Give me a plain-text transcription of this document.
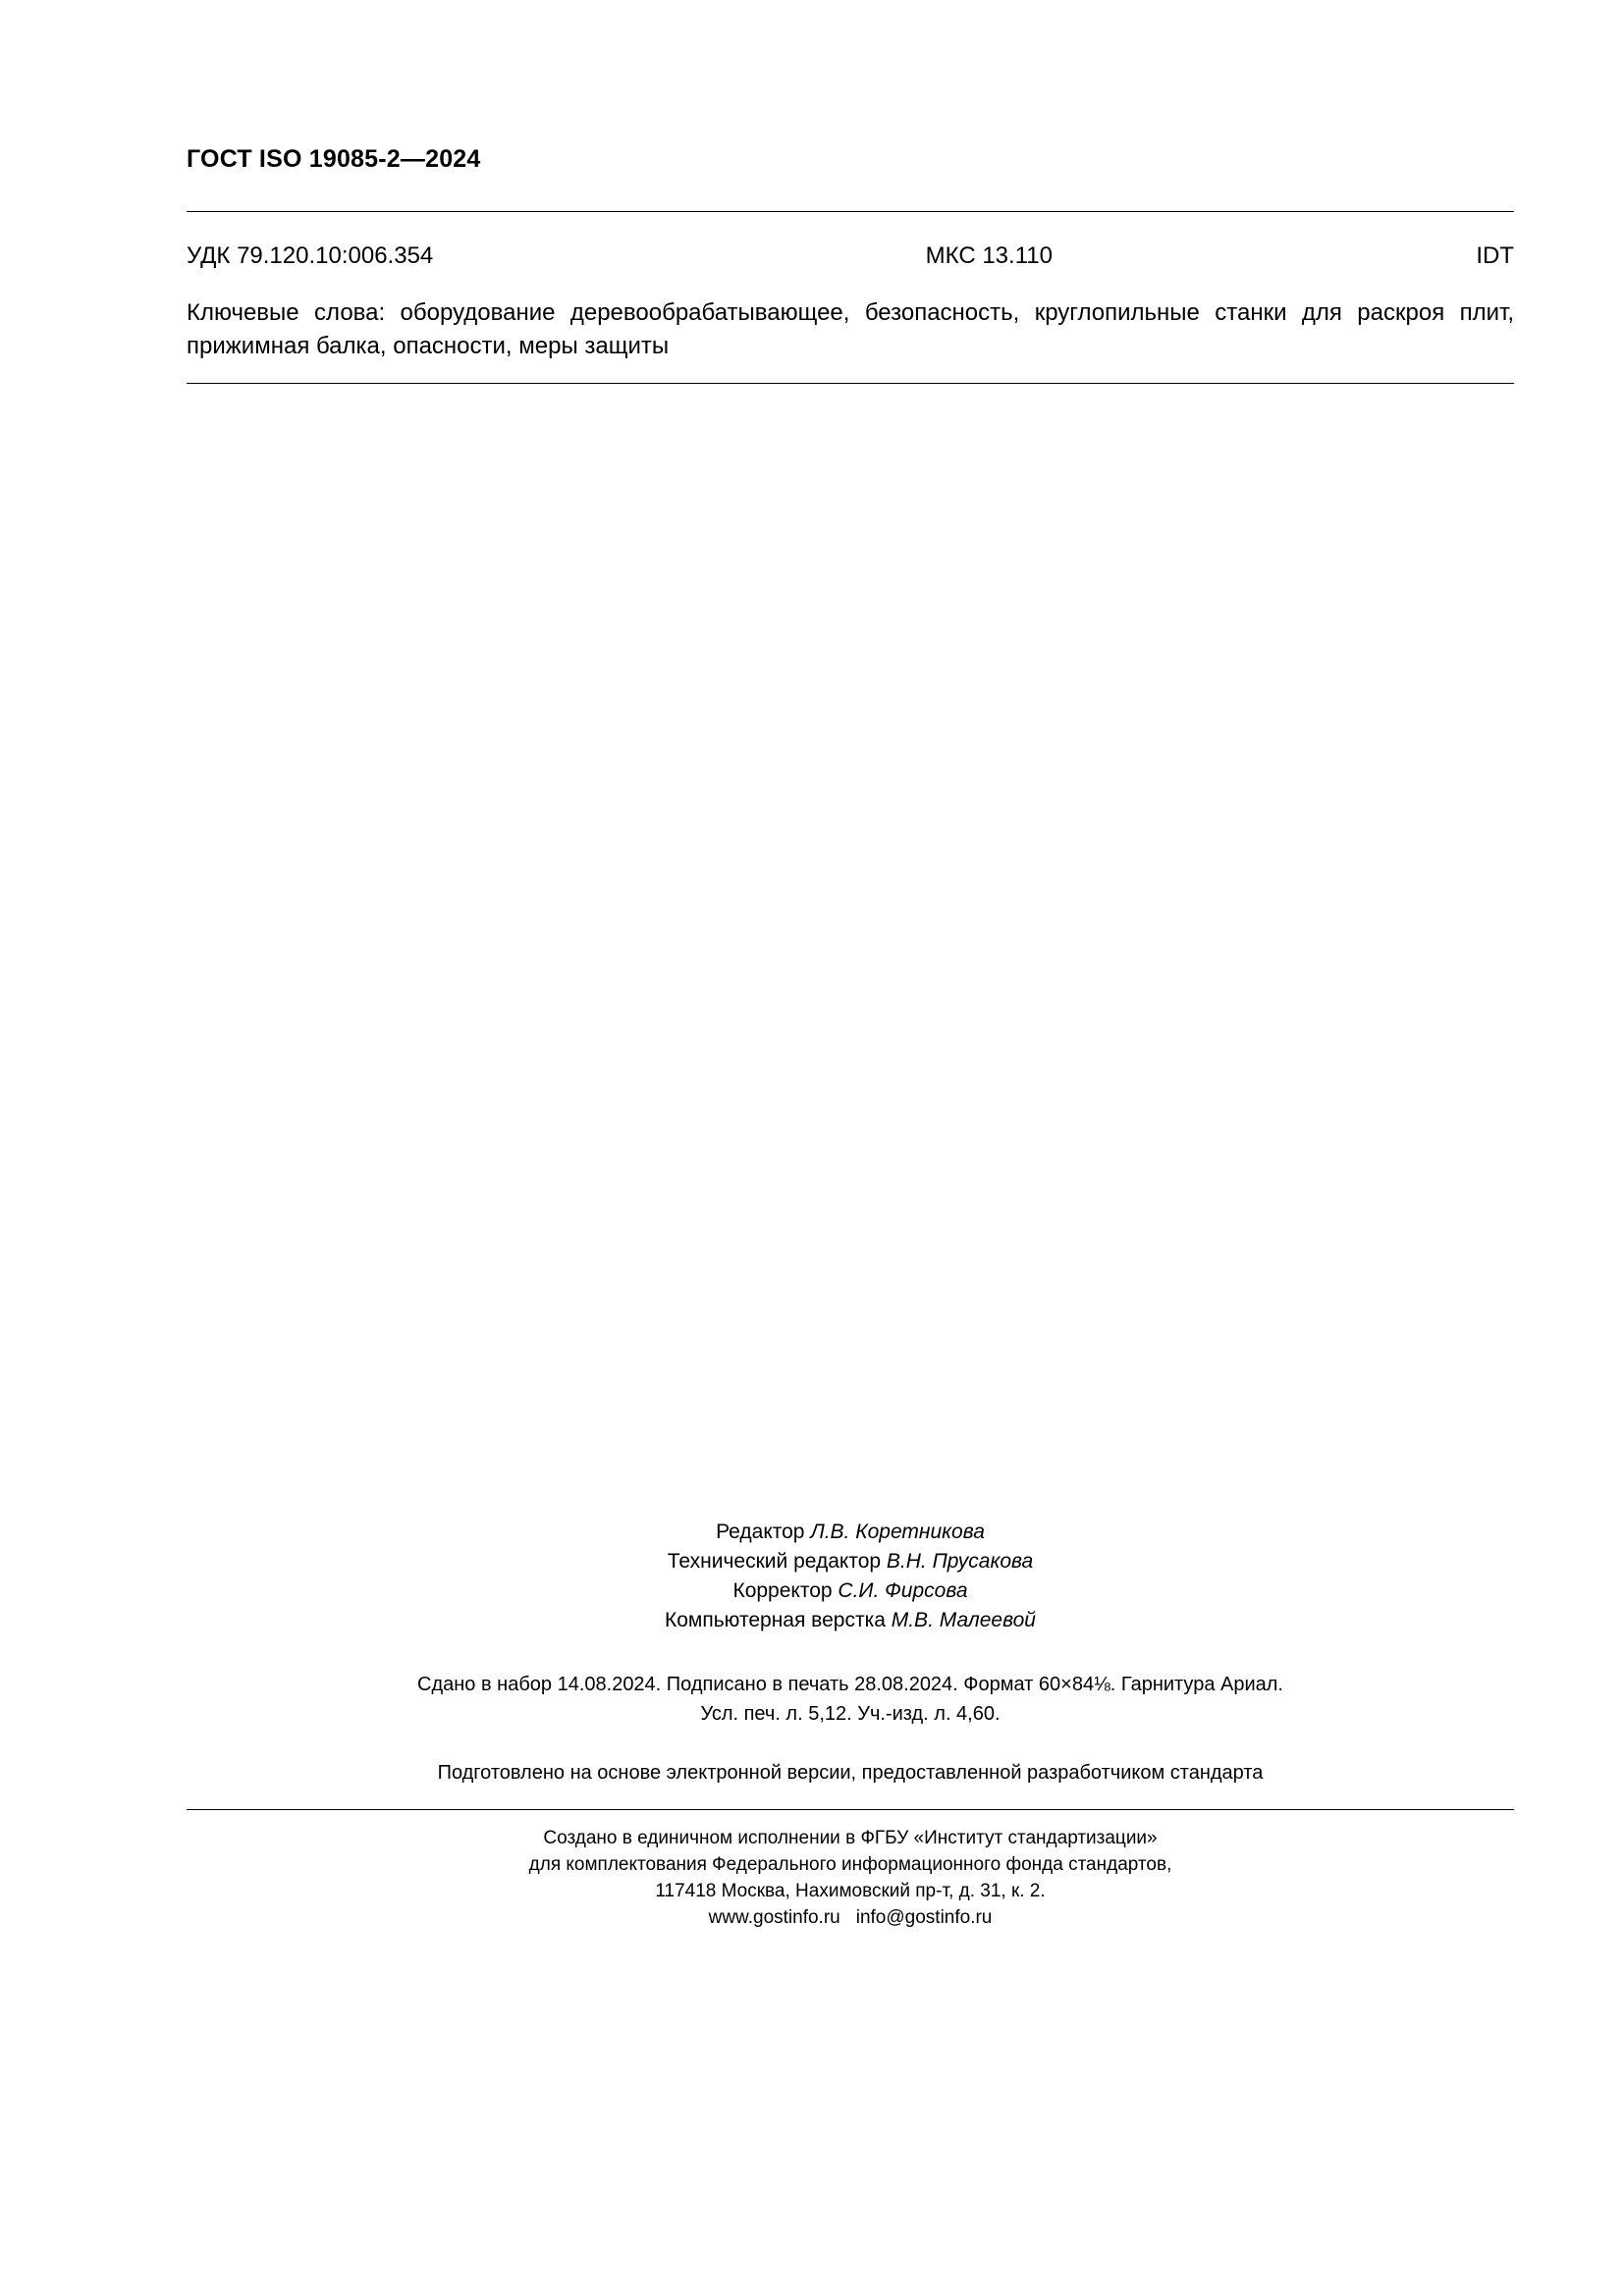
ГОСТ ISO 19085-2—2024
УДК 79.120.10:006.354	МКС 13.110	IDT
Ключевые слова: оборудование деревообрабатывающее, безопасность, круглопильные станки для раскроя плит, прижимная балка, опасности, меры защиты
Редактор Л.В. Коретникова
Технический редактор В.Н. Прусакова
Корректор С.И. Фирсова
Компьютерная верстка М.В. Малеевой
Сдано в набор 14.08.2024. Подписано в печать 28.08.2024. Формат 60×84⅛. Гарнитура Ариал.
Усл. печ. л. 5,12. Уч.-изд. л. 4,60.
Подготовлено на основе электронной версии, предоставленной разработчиком стандарта
Создано в единичном исполнении в ФГБУ «Институт стандартизации»
для комплектования Федерального информационного фонда стандартов,
117418 Москва, Нахимовский пр-т, д. 31, к. 2.
www.gostinfo.ru info@gostinfo.ru
